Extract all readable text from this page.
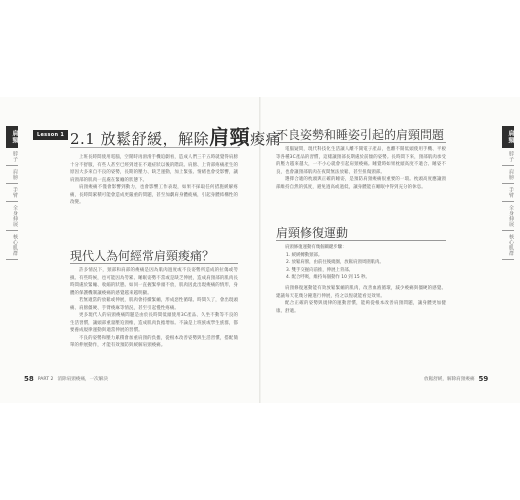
肩頸
脖子
肩膀
手臂
全身伸展
核心肌群
肩頸
脖子
肩膀
手臂
全身伸展
核心肌群
Lesson 1 2.1 放鬆舒緩，解除肩頸痠痛

上班長時間使用電腦，空閒時再滑滑手機追劇看，造成人們三千五時就覺得肩膀十分不舒服，有些人甚至已經到達在不適症狀以後的階段。肩膀、上背部疼痛產生的原因大多來自不良的姿勢，長期的壓力、缺乏運動，加上緊張、情緒也會受影響，讓肩頸部的肌肉一直處在緊繃的狀態下。

肩頸痠痛不僅會影響到動力，也會影響工作表現，如果不採取任何措施緩解疼痛，長時間累積可能會造成更嚴重的問題，甚至加劇肩身體疲痛，引起身體結構性的改變。

現代人為何經常肩頸痠痛？

許多情況下，頸部和肩部的痠痛是因為肌肉過度或不良姿勢所造成的拉傷或勞損。有些時候，也可能因為勞累、睡眠姿勢不當或是缺乏伸展，造成肩頸部的肌肉長時間處於緊繃、收縮的狀態。如同一直握緊拳頭不放，肌肉因此出現痠痛的情形，身體的保護機制讓痠痛的感覺越來越明顯。

若無適當的放鬆或伸展，肌肉會持續緊繃，形成惡性循環。時間久了，會出現頭痛、肩膀僵硬、手臂痠麻等情況，甚至引起慢性疼痛。

更多現代人的肩頸痠痛問題是由於長時間低頭使用3C產品、久坐不動等不良的生活習慣，讓頭部重量壓迫頸椎，造成肌肉負擔增加。不論是上班族或學生族群，都要養成規律運動與適當伸展的習慣。

不良的姿勢和壓力累積會加重肩頸的負擔，從根本改善姿勢與生活習慣，搭配簡單的伸展動作，才能有效預防與緩解肩頸痠痛。

不良姿勢和睡姿引起的肩頸問題

電腦疑問，現代科技化生活讓人離不開電子產品，也離不開低頭使用手機、平板等各種3C產品的習慣，這樣讓頸部長期處於前傾的姿勢。長時間下來，頸部肌肉承受的壓力越來越大，一不小心就會引起肩頸痠痛。睡覺時如果枕頭高度不適合、睡姿不良，也會讓頸部肌肉在夜間無法放鬆，甚至扭傷頸部。

選擇合適的枕頭與正確的睡姿，是預防肩頸痠痛很重要的一環。枕頭高度應讓頸部維持自然的弧度，避免過高或過低，讓身體能在睡眠中得到充分的休息。

肩頸修復運動
肩頸修復運動有幾個關鍵步驟：
1. 緩緩轉動頸部。
2. 放鬆肩膀，由前往後繞圈，放鬆肩頸周圍肌肉。
3. 雙手交握向前推，伸展上背部。
4. 配合呼吸，維持每個動作 10 到 15 秒。

肩頸修復運動能有效放鬆緊繃的肌肉，改善血液循環，減少痠痛與僵硬的感覺。建議每天花幾分鐘進行伸展，持之以恆就能看見效果。

配合正確的姿勢與規律的運動習慣，能夠從根本改善肩頸問題，讓身體更加健康、舒適。

58 PART 2 消除肩頸痠痛，一次解決	放鬆舒緩，解除肩頸痠痛 59
